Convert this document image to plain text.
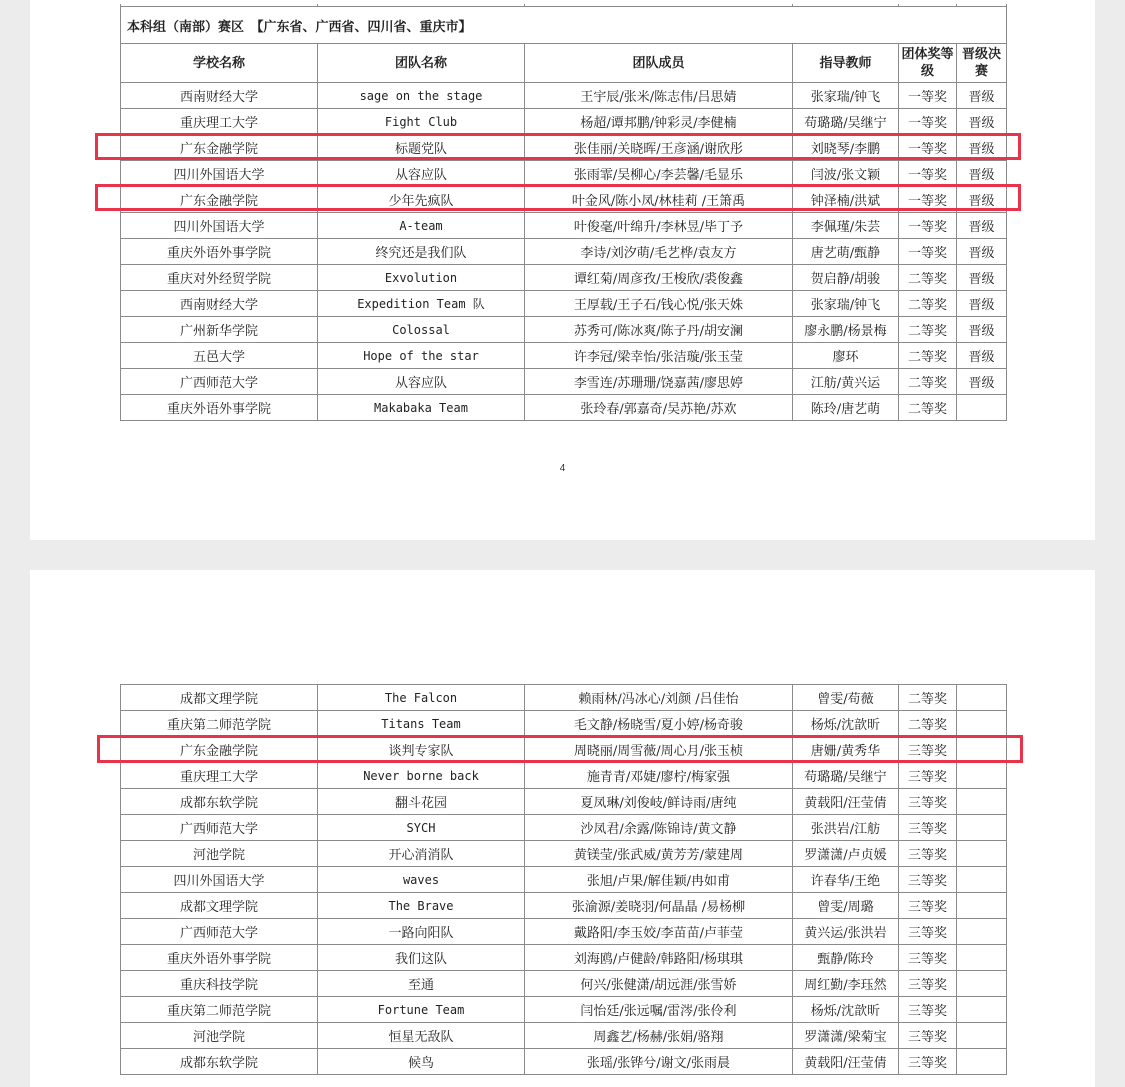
本科组（南部）赛区　【广东省、广西省、四川省、重庆市】					
学校名称	团队名称	团队成员	指导教师	团体奖等级	晋级决赛
西南财经大学	sage on the stage	王宇辰/张米/陈志伟/吕思婧	张家瑞/钟飞	一等奖	晋级
重庆理工大学	Fight Club	杨超/谭邦鹏/钟彩灵/李健楠	苟璐璐/吴继宁	一等奖	晋级
广东金融学院	标题党队	张佳丽/关晓晖/王彦涵/谢欣彤	刘晓琴/李鹏	一等奖	晋级
四川外国语大学	从容应队	张雨霏/吴柳心/李芸馨/毛显乐	闫波/张文颖	一等奖	晋级
广东金融学院	少年先疯队	叶金风/陈小凤/林桂莉 /王箫禹	钟泽楠/洪斌	一等奖	晋级
四川外国语大学	A-team	叶俊毫/叶绵升/李林昱/毕丁予	李佩瑾/朱芸	一等奖	晋级
重庆外语外事学院	终究还是我们队	李诗/刘汐萌/毛艺桦/袁友方	唐艺萌/甄静	一等奖	晋级
重庆对外经贸学院	Exvolution	谭红菊/周彦孜/王梭欣/裘俊鑫	贺启静/胡骏	二等奖	晋级
西南财经大学	Expedition Team 队	王厚载/王子石/钱心悦/张天姝	张家瑞/钟飞	二等奖	晋级
广州新华学院	Colossal	苏秀可/陈冰爽/陈子丹/胡安澜	廖永鹏/杨景梅	二等奖	晋级
五邑大学	Hope of the star	许李冠/梁幸怡/张洁璇/张玉莹	廖环	二等奖	晋级
广西师范大学	从容应队	李雪连/苏珊珊/饶嘉茜/廖思婷	江舫/黄兴运	二等奖	晋级
重庆外语外事学院	Makabaka Team	张玲春/郭嘉奇/吴苏艳/苏欢	陈玲/唐艺萌	二等奖	
4
成都文理学院	The Falcon	赖雨林/冯冰心/刘颜 /吕佳怡	曾雯/苟薇	二等奖	
重庆第二师范学院	Titans Team	毛文静/杨晓雪/夏小婷/杨奇骏	杨烁/沈歆昕	二等奖	
广东金融学院	谈判专家队	周晓丽/周雪薇/周心月/张玉桢	唐姗/黄秀华	三等奖	
重庆理工大学	Never borne back	施青青/邓婕/廖柠/梅家强	苟璐璐/吴继宁	三等奖	
成都东软学院	翻斗花园	夏凤琳/刘俊岐/鲜诗雨/唐纯	黄载阳/汪莹倩	三等奖	
广西师范大学	SYCH	沙凤君/余露/陈锦诗/黄文静	张洪岩/江舫	三等奖	
河池学院	开心消消队	黄镁莹/张武威/黄芳芳/蒙建周	罗潇潇/卢贞媛	三等奖	
四川外国语大学	waves	张旭/卢果/解佳颖/冉如甫	许春华/王绝	三等奖	
成都文理学院	The Brave	张渝源/姜晓羽/何晶晶 /易杨柳	曾雯/周璐	三等奖	
广西师范大学	一路向阳队	戴路阳/李玉姣/李苗苗/卢菲莹	黄兴运/张洪岩	三等奖	
重庆外语外事学院	我们这队	刘海鸥/卢健龄/韩路阳/杨琪琪	甄静/陈玲	三等奖	
重庆科技学院	至通	何兴/张健潇/胡远涯/张雪娇	周红勤/李珏然	三等奖	
重庆第二师范学院	Fortune Team	闫怡廷/张远嘱/雷涔/张伶利	杨烁/沈歆昕	三等奖	
河池学院	恒星无敌队	周鑫艺/杨赫/张娟/骆翔	罗潇潇/梁菊宝	三等奖	
成都东软学院	候鸟	张瑶/张铧兮/谢文/张雨晨	黄载阳/汪莹倩	三等奖	
